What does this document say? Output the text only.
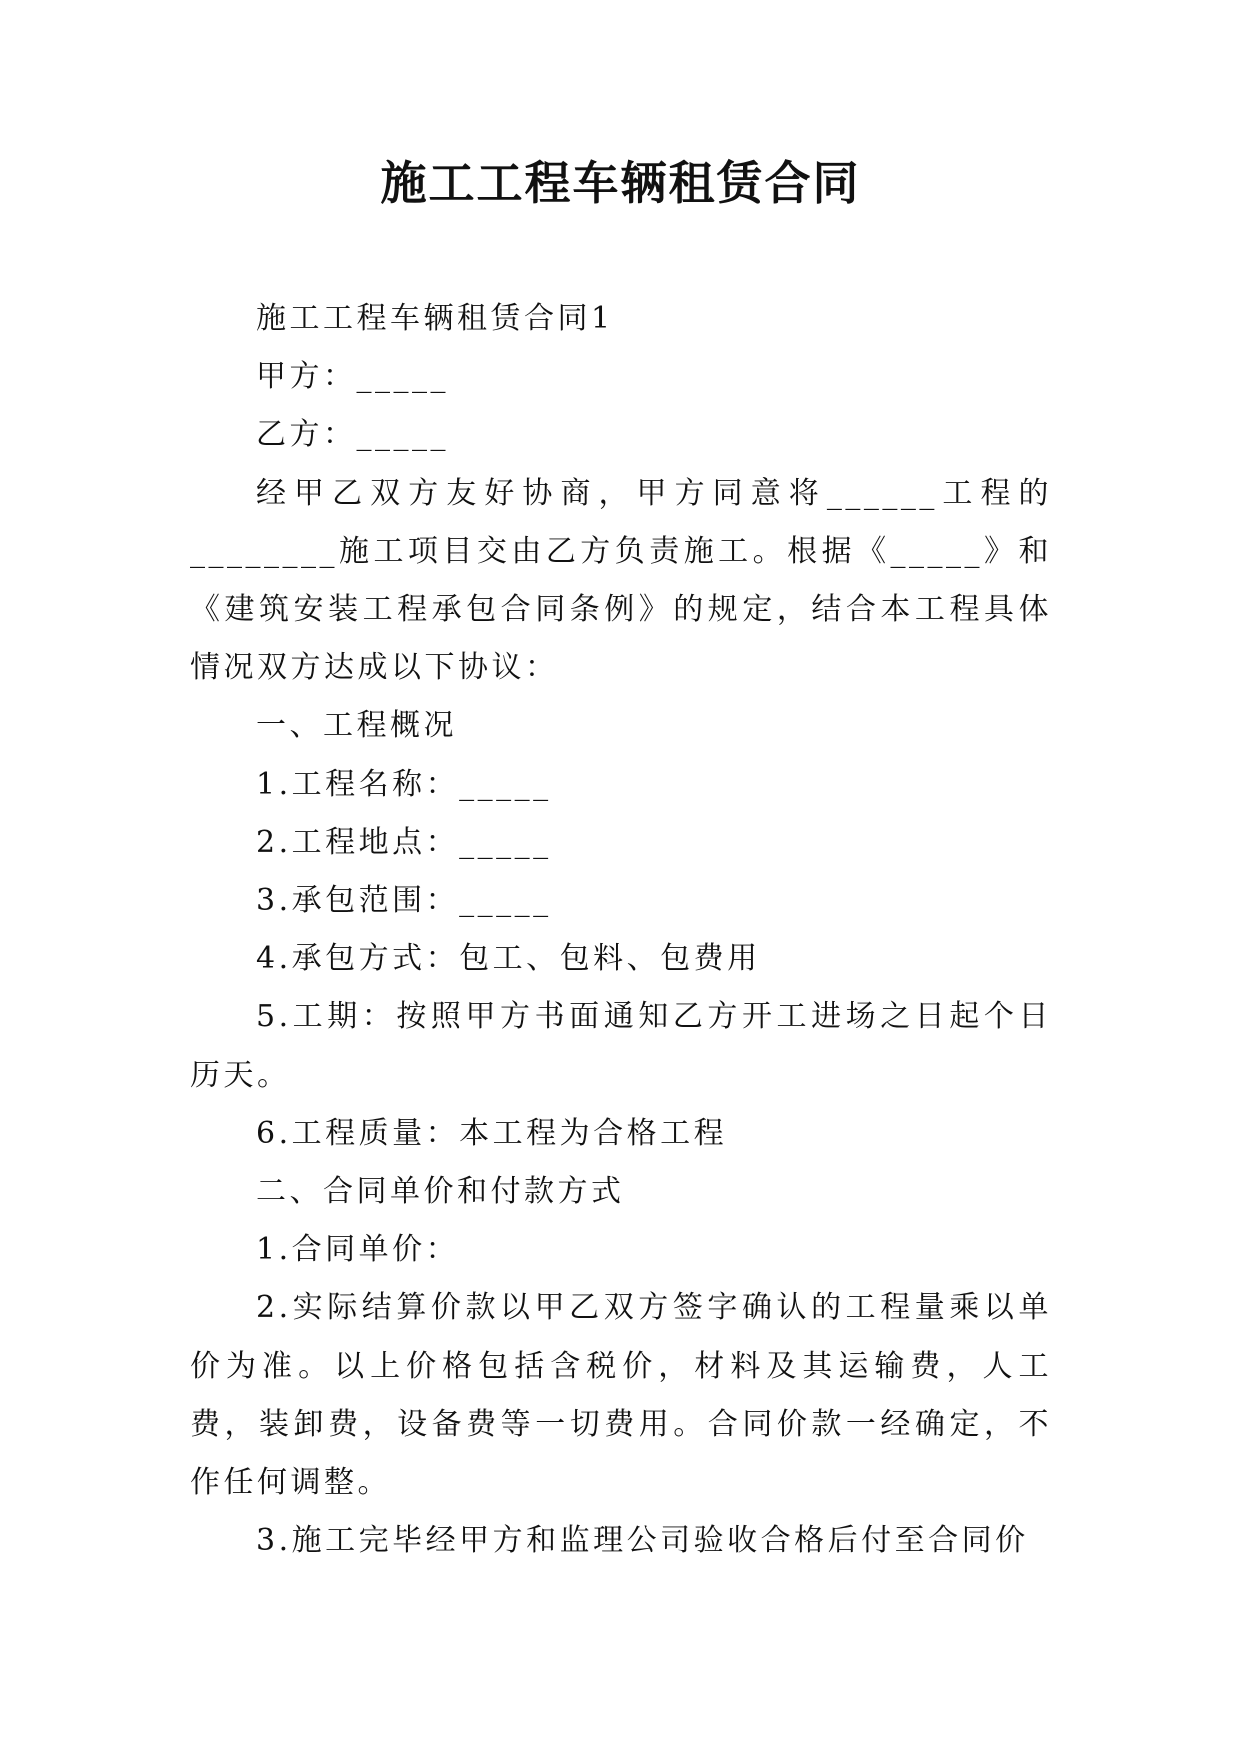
施工工程车辆租赁合同

施工工程车辆租赁合同1

甲方：_____

乙方：_____

经甲乙双方友好协商，甲方同意将______工程的________施工项目交由乙方负责施工。根据《_____》和《建筑安装工程承包合同条例》的规定，结合本工程具体情况双方达成以下协议：

一、工程概况

1.工程名称：_____

2.工程地点：_____

3.承包范围：_____

4.承包方式：包工、包料、包费用

5.工期：按照甲方书面通知乙方开工进场之日起个日历天。

6.工程质量：本工程为合格工程

二、合同单价和付款方式

1.合同单价：

2.实际结算价款以甲乙双方签字确认的工程量乘以单价为准。以上价格包括含税价，材料及其运输费，人工费，装卸费，设备费等一切费用。合同价款一经确定，不作任何调整。

3.施工完毕经甲方和监理公司验收合格后付至合同价
